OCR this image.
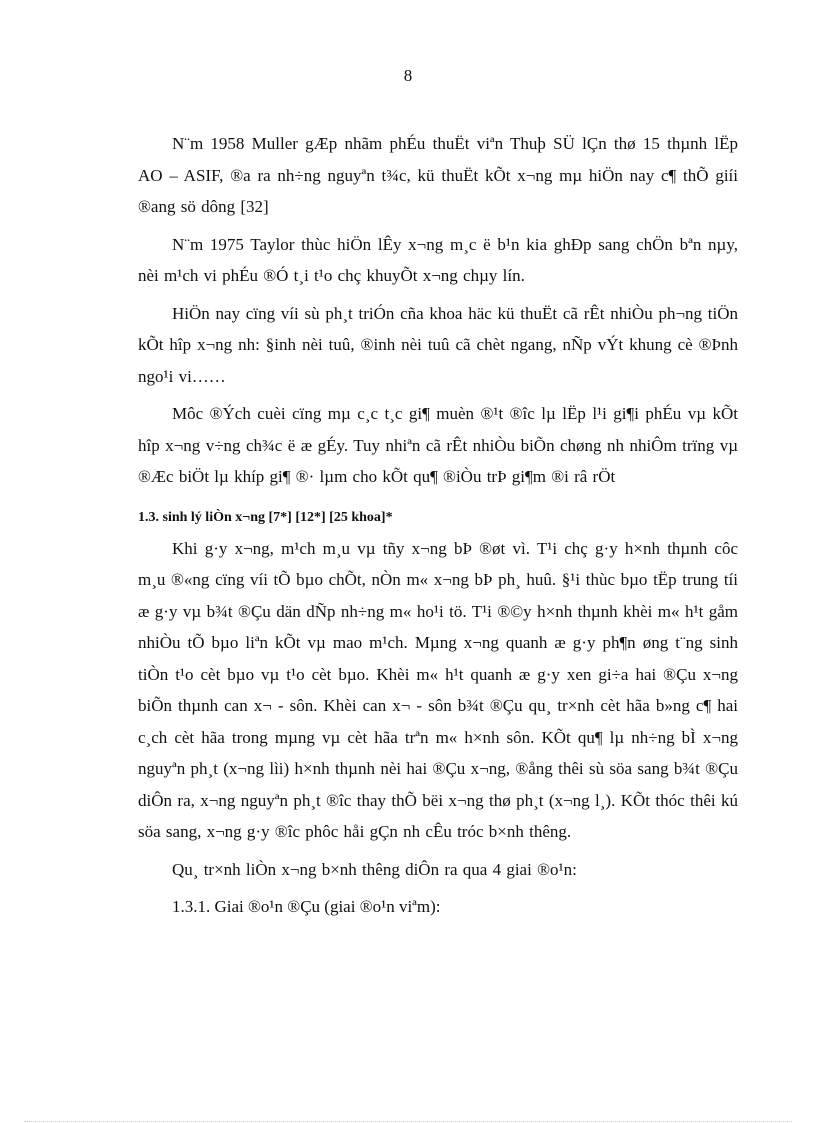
8

N¨m 1958 Muller gÆp nhãm phÉu thuËt viªn Thuþ SÜ lÇn thø 15 thµnh lËp AO – ASIF, ®a ra nh÷ng nguyªn t¾c, kü thuËt kÕt x¬ng mµ hiÖn nay c¶ thÕ giíi ®ang sö dông [32]

N¨m 1975 Taylor thùc hiÖn lÊy x¬ng m¸c ë b¹n kia ghÐp sang chÖn bªn nµy, nèi m¹ch vi phÉu ®Ó t¸i t¹o chç khuyÕt x¬ng chµy lín.

HiÖn nay cïng víi sù ph¸t triÓn cña khoa häc kü thuËt cã rÊt nhiÒu ph¬ng tiÖn kÕt hîp x¬ng nh: §inh nèi tuû, ®inh nèi tuû cã chèt ngang, nÑp vÝt khung cè ®Þnh ngo¹i vi……

Môc ®Ých cuèi cïng mµ c¸c t¸c gi¶ muèn ®¹t ®îc lµ lËp l¹i gi¶i phÉu vµ kÕt hîp x¬ng v÷ng ch¾c ë æ gÉy. Tuy nhiªn cã rÊt nhiÒu biÕn chøng nh nhiÔm trïng vµ ®Æc biÖt lµ khíp gi¶ ®· lµm cho kÕt qu¶ ®iÒu trÞ gi¶m ®i râ rÖt

1.3. sinh lý liÒn x¬ng [7*] [12*] [25 khoa]*

Khi g·y x¬ng, m¹ch m¸u vµ tñy x¬ng bÞ ®øt vì. T¹i chç g·y h×nh thµnh côc m¸u ®«ng cïng víi tÕ bµo chÕt, nÒn m« x¬ng bÞ ph¸ huû. §¹i thùc bµo tËp trung tíi æ g·y vµ b¾t ®Çu dän dÑp nh÷ng m« ho¹i tö. T¹i ®©y h×nh thµnh khèi m« h¹t gåm nhiÒu tÕ bµo liªn kÕt vµ mao m¹ch. Mµng x¬ng quanh æ g·y ph¶n øng t¨ng sinh tiÒn t¹o cèt bµo vµ t¹o cèt bµo. Khèi m« h¹t quanh æ g·y xen gi÷a hai ®Çu x¬ng biÕn thµnh can x¬ - sôn. Khèi can x¬ - sôn b¾t ®Çu qu¸ tr×nh cèt hãa b»ng c¶ hai c¸ch cèt hãa trong mµng vµ cèt hãa trªn m« h×nh sôn. KÕt qu¶ lµ nh÷ng bÌ x¬ng nguyªn ph¸t (x¬ng lìi) h×nh thµnh nèi hai ®Çu x¬ng, ®ång thêi sù söa sang b¾t ®Çu diÔn ra, x¬ng nguyªn ph¸t ®îc thay thÕ bëi x¬ng thø ph¸t (x¬ng l¸). KÕt thóc thêi kú söa sang, x¬ng g·y ®îc phôc håi gÇn nh cÊu tróc b×nh thêng.

Qu¸ tr×nh liÒn x¬ng b×nh thêng diÔn ra qua 4 giai ®o¹n:

1.3.1. Giai ®o¹n ®Çu (giai ®o¹n viªm):
